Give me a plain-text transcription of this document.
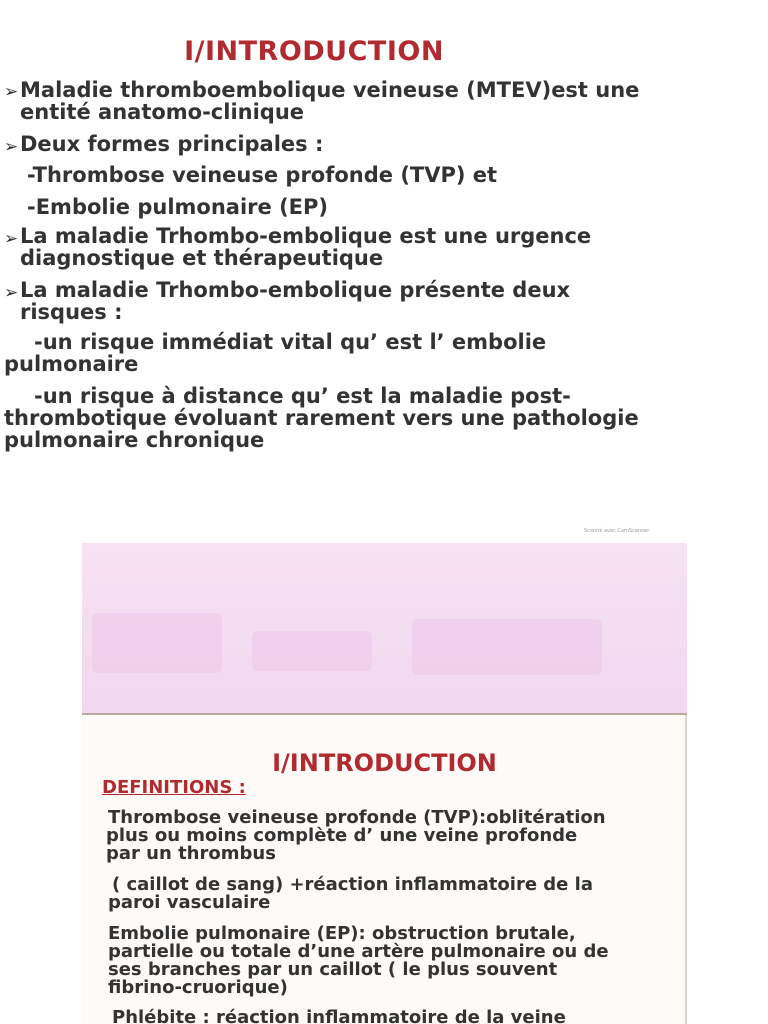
I/INTRODUCTION
➢ Maladie thromboembolique veineuse (MTEV)est une
entité anatomo-clinique
➢ Deux formes principales :
-Thrombose veineuse profonde (TVP) et
-Embolie pulmonaire (EP)
➢ La maladie Trhombo-embolique est une urgence
diagnostique et thérapeutique
➢ La maladie Trhombo-embolique présente deux
risques :
-un risque immédiat vital qu’ est l’ embolie
pulmonaire
-un risque à distance qu’ est la maladie post-
thrombotique évoluant rarement vers une pathologie
pulmonaire chronique
Scanné avec CamScanner
I/INTRODUCTION
DEFINITIONS :
Thrombose veineuse profonde (TVP):oblitération
plus ou moins complète d’ une veine profonde
par un thrombus
( caillot de sang) +réaction inflammatoire de la
paroi vasculaire
Embolie pulmonaire (EP): obstruction brutale,
partielle ou totale d’une artère pulmonaire ou de
ses branches par un caillot ( le plus souvent
fibrino-cruorique)
Phlébite : réaction inflammatoire de la veine
